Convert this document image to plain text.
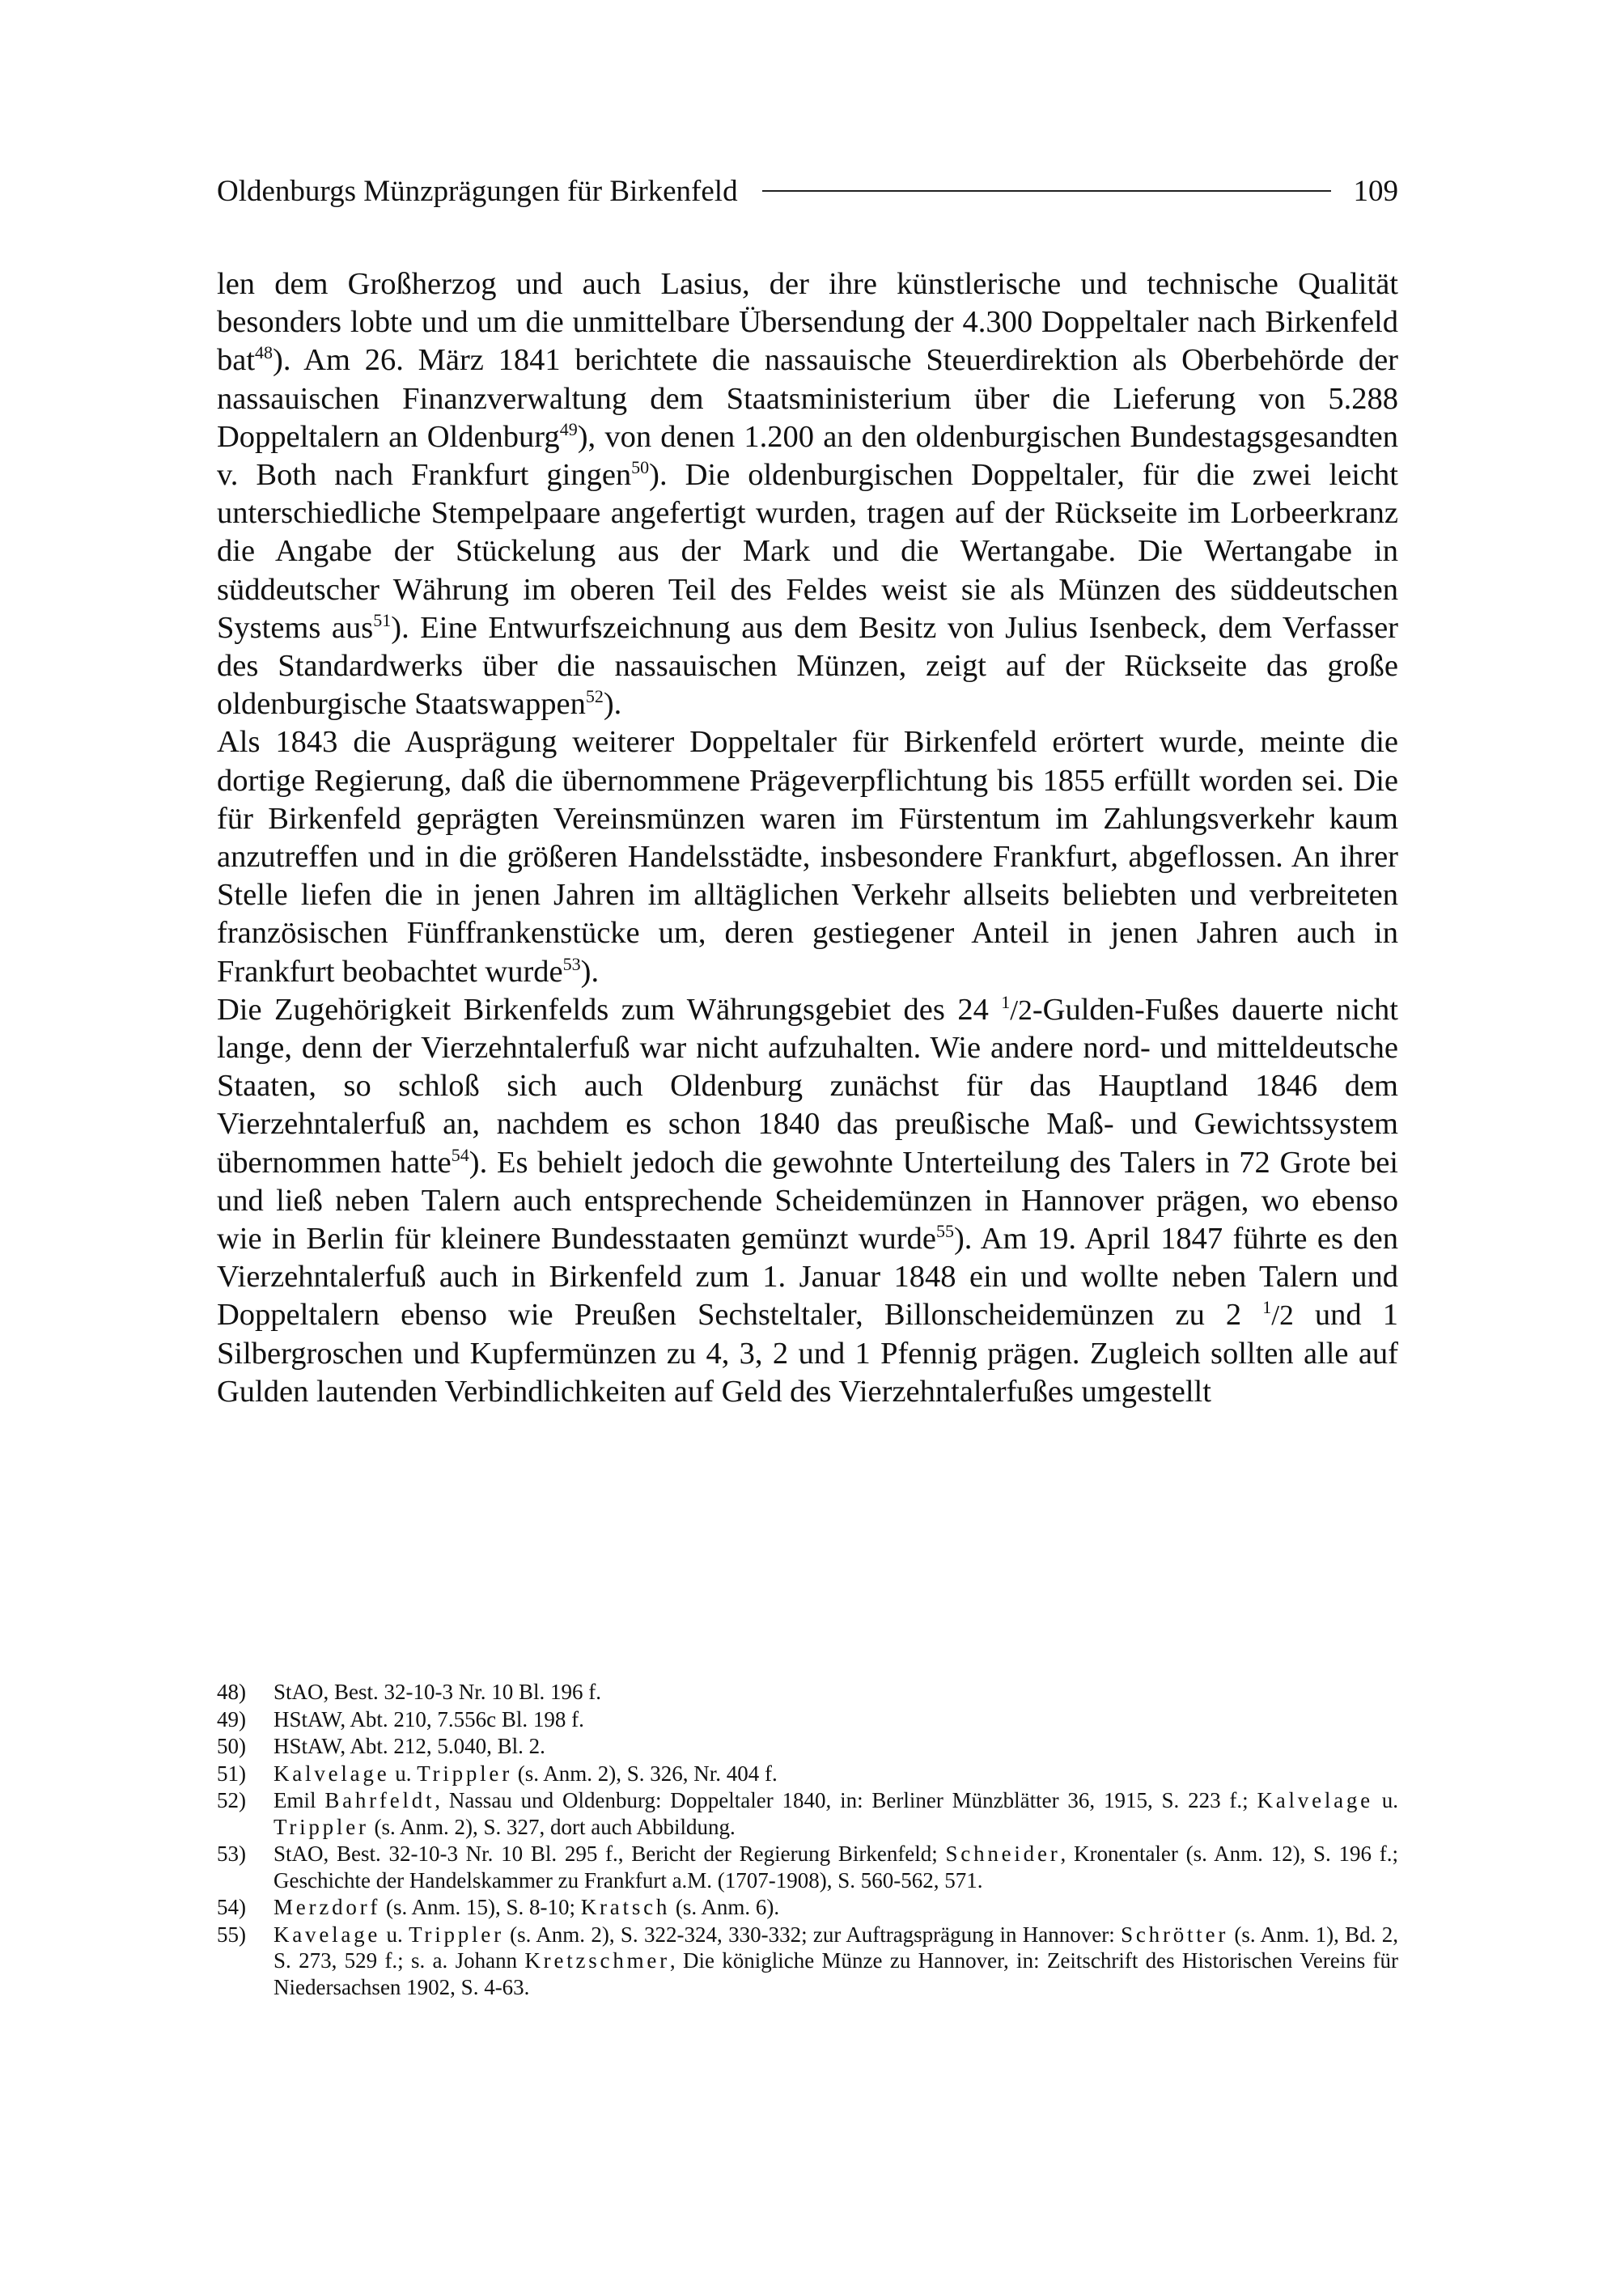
Oldenburgs Münzprägungen für Birkenfeld	109

len dem Großherzog und auch Lasius, der ihre künstlerische und technische Qualität besonders lobte und um die unmittelbare Übersendung der 4.300 Doppeltaler nach Birkenfeld bat$^{48}$). Am 26. März 1841 berichtete die nassauische Steuerdirektion als Oberbehörde der nassauischen Finanzverwaltung dem Staatsministerium über die Lieferung von 5.288 Doppeltalern an Oldenburg$^{49}$), von denen 1.200 an den oldenburgischen Bundestagsgesandten v. Both nach Frankfurt gingen$^{50}$). Die oldenburgischen Doppeltaler, für die zwei leicht unterschiedliche Stempelpaare angefertigt wurden, tragen auf der Rückseite im Lorbeerkranz die Angabe der Stückelung aus der Mark und die Wertangabe. Die Wertangabe in süddeutscher Währung im oberen Teil des Feldes weist sie als Münzen des süddeutschen Systems aus$^{51}$). Eine Entwurfszeichnung aus dem Besitz von Julius Isenbeck, dem Verfasser des Standardwerks über die nassauischen Münzen, zeigt auf der Rückseite das große oldenburgische Staatswappen$^{52}$).

Als 1843 die Ausprägung weiterer Doppeltaler für Birkenfeld erörtert wurde, meinte die dortige Regierung, daß die übernommene Prägeverpflichtung bis 1855 erfüllt worden sei. Die für Birkenfeld geprägten Vereinsmünzen waren im Fürstentum im Zahlungsverkehr kaum anzutreffen und in die größeren Handelsstädte, insbesondere Frankfurt, abgeflossen. An ihrer Stelle liefen die in jenen Jahren im alltäglichen Verkehr allseits beliebten und verbreiteten französischen Fünffrankenstücke um, deren gestiegener Anteil in jenen Jahren auch in Frankfurt beobachtet wurde$^{53}$).

Die Zugehörigkeit Birkenfelds zum Währungsgebiet des 24 $^1$/2-Gulden-Fußes dauerte nicht lange, denn der Vierzehntalerfuß war nicht aufzuhalten. Wie andere nord- und mitteldeutsche Staaten, so schloß sich auch Oldenburg zunächst für das Hauptland 1846 dem Vierzehntalerfuß an, nachdem es schon 1840 das preußische Maß- und Gewichtssystem übernommen hatte$^{54}$). Es behielt jedoch die gewohnte Unterteilung des Talers in 72 Grote bei und ließ neben Talern auch entsprechende Scheidemünzen in Hannover prägen, wo ebenso wie in Berlin für kleinere Bundesstaaten gemünzt wurde$^{55}$). Am 19. April 1847 führte es den Vierzehntalerfuß auch in Birkenfeld zum 1. Januar 1848 ein und wollte neben Talern und Doppeltalern ebenso wie Preußen Sechsteltaler, Billonscheidemünzen zu 2 $^1$/2 und 1 Silbergroschen und Kupfermünzen zu 4, 3, 2 und 1 Pfennig prägen. Zugleich sollten alle auf Gulden lautenden Verbindlichkeiten auf Geld des Vierzehntalerfußes umgestellt

48)	StAO, Best. 32-10-3 Nr. 10 Bl. 196 f.
49)	HStAW, Abt. 210, 7.556c Bl. 198 f.
50)	HStAW, Abt. 212, 5.040, Bl. 2.
51)	Kalvelage u. Trippler (s. Anm. 2), S. 326, Nr. 404 f.
52)	Emil Bahrfeldt, Nassau und Oldenburg: Doppeltaler 1840, in: Berliner Münzblätter 36, 1915, S. 223 f.; Kalvelage u. Trippler (s. Anm. 2), S. 327, dort auch Abbildung.
53)	StAO, Best. 32-10-3 Nr. 10 Bl. 295 f., Bericht der Regierung Birkenfeld; Schneider, Kronentaler (s. Anm. 12), S. 196 f.; Geschichte der Handelskammer zu Frankfurt a.M. (1707-1908), S. 560-562, 571.
54)	Merzdorf (s. Anm. 15), S. 8-10; Kratsch (s. Anm. 6).
55)	Kavelage u. Trippler (s. Anm. 2), S. 322-324, 330-332; zur Auftragsprägung in Hannover: Schrötter (s. Anm. 1), Bd. 2, S. 273, 529 f.; s. a. Johann Kretzschmer, Die königliche Münze zu Hannover, in: Zeitschrift des Historischen Vereins für Niedersachsen 1902, S. 4-63.
